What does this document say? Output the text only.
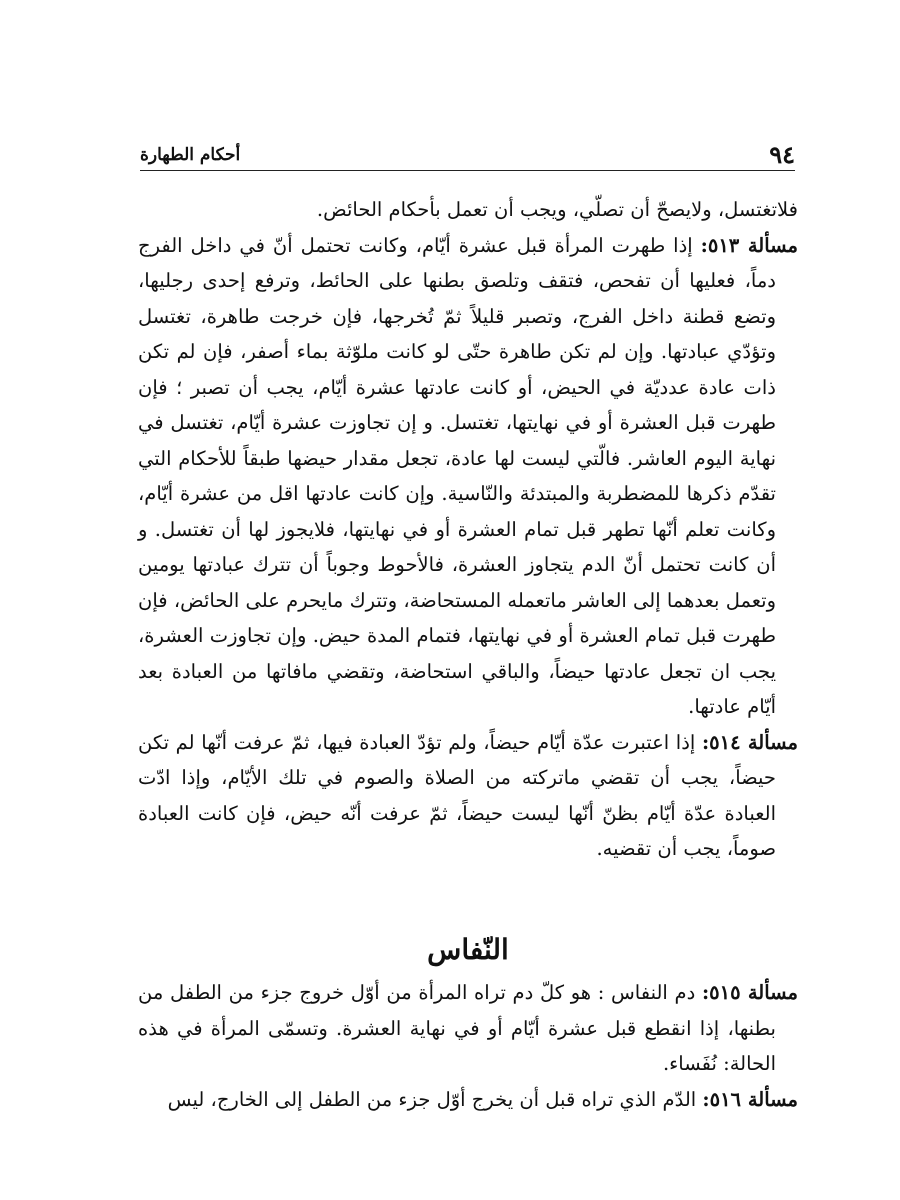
٩٤
أحكام الطهارة

فلاتغتسل، ولايصحّ أن تصلّي، ويجب أن تعمل بأحكام الحائض.

مسألة ٥١٣: إذا طهرت المرأة قبل عشرة أيّام، وكانت تحتمل أنّ في داخل الفرج دماً، فعليها أن تفحص، فتقف وتلصق بطنها على الحائط، وترفع إحدى رجليها، وتضع قطنة داخل الفرج، وتصبر قليلاً ثمّ تُخرجها، فإن خرجت طاهرة، تغتسل وتؤدّي عبادتها. وإن لم تكن طاهرة حتّى لو كانت ملوّثة بماء أصفر، فإن لم تكن ذات عادة عدديّة في الحيض، أو كانت عادتها عشرة أيّام، يجب أن تصبر ؛ فإن طهرت قبل العشرة أو في نهايتها، تغتسل. و إن تجاوزت عشرة أيّام، تغتسل في نهاية اليوم العاشر. فالّتي ليست لها عادة، تجعل مقدار حيضها طبقاً للأحكام التي تقدّم ذكرها للمضطربة والمبتدئة والنّاسية. وإن كانت عادتها اقل من عشرة أيّام، وكانت تعلم أنّها تطهر قبل تمام العشرة أو في نهايتها، فلايجوز لها أن تغتسل. و أن كانت تحتمل أنّ الدم يتجاوز العشرة، فالأحوط وجوباً أن تترك عبادتها يومين وتعمل بعدهما إلى العاشر ماتعمله المستحاضة، وتترك مايحرم على الحائض، فإن طهرت قبل تمام العشرة أو في نهايتها، فتمام المدة حيض. وإن تجاوزت العشرة، يجب ان تجعل عادتها حيضاً، والباقي استحاضة، وتقضي مافاتها من العبادة بعد أيّام عادتها.

مسألة ٥١٤: إذا اعتبرت عدّة أيّام حيضاً، ولم تؤدّ العبادة فيها، ثمّ عرفت أنّها لم تكن حيضاً، يجب أن تقضي ماتركته من الصلاة والصوم في تلك الأيّام، وإذا ادّت العبادة عدّة أيّام بظنّ أنّها ليست حيضاً، ثمّ عرفت أنّه حيض، فإن كانت العبادة صوماً، يجب أن تقضيه.

النّفاس

مسألة ٥١٥: دم النفاس : هو كلّ دم تراه المرأة من أوّل خروج جزء من الطفل من بطنها، إذا انقطع قبل عشرة أيّام أو في نهاية العشرة. وتسمّى المرأة في هذه الحالة: نُفَساء.

مسألة ٥١٦: الدّم الذي تراه قبل أن يخرج أوّل جزء من الطفل إلى الخارج، ليس
